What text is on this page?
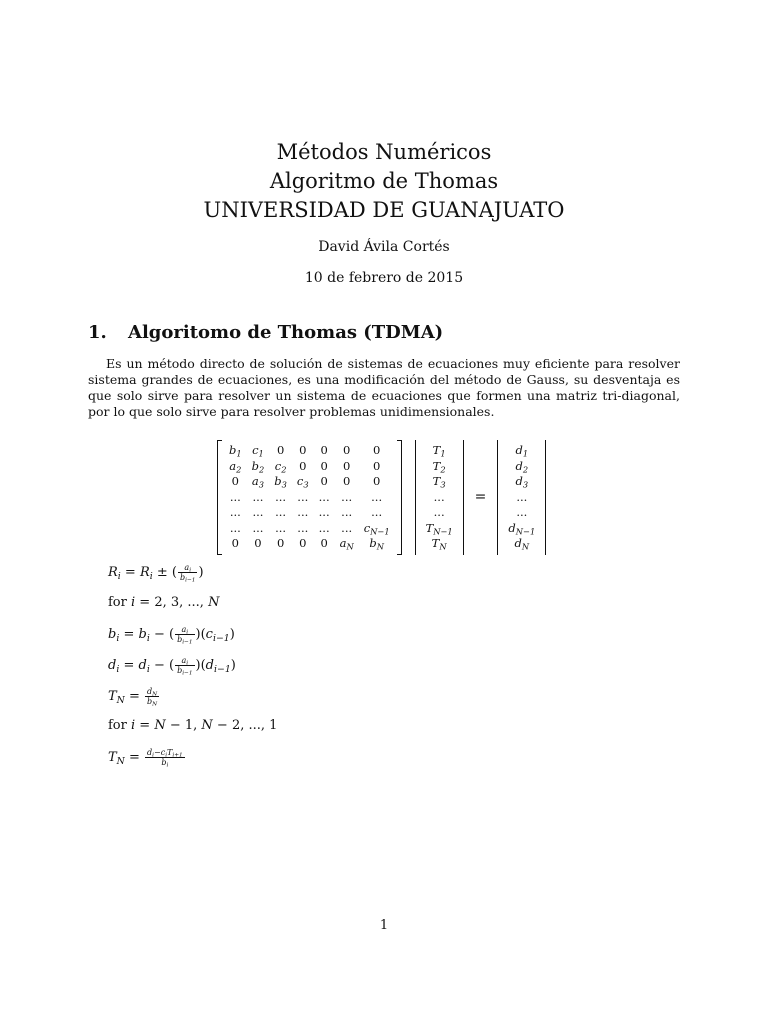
Métodos Numéricos
Algoritmo de Thomas
UNIVERSIDAD DE GUANAJUATO
David Ávila Cortés
10 de febrero de 2015
1. Algoritomo de Thomas (TDMA)
Es un método directo de solución de sistemas de ecuaciones muy eficiente para resolver sistema grandes de ecuaciones, es una modificación del método de Gauss, su desventaja es que solo sirve para resolver un sistema de ecuaciones que formen una matriz tri-diagonal, por lo que solo sirve para resolver problemas unidimensionales.
$b_1$	$c_1$	0	0	0	0	0
$a_2$	$b_2$	$c_2$	0	0	0	0
0	$a_3$	$b_3$	$c_3$	0	0	0
...	...	...	...	...	...	...
...	...	...	...	...	...	...
...	...	...	...	...	...	$c_{N-1}$
0	0	0	0	0	$a_N$	$b_N$
$T_1$
$T_2$
$T_3$
...
...
$T_{N-1}$
$T_N$
=
$d_1$
$d_2$
$d_3$
...
...
$d_{N-1}$
$d_N$
$R_i = R_i$ ± ( $\frac{a_i}{b_{i-1}}$ )
for i = 2, 3, ..., N
$b_i = b_i$ − ( $\frac{a_i}{b_{i-1}} )(c_{i-1})$
$d_i = d_i$ − ( $\frac{a_i}{b_{i-1}} )(d_{i-1})$
$T_N = \frac{d_N}{b_N}$
for i = N − 1, N − 2, ..., 1
$T_N = \frac{d_i-c_iT_{i+1}}{b_i}$
1
